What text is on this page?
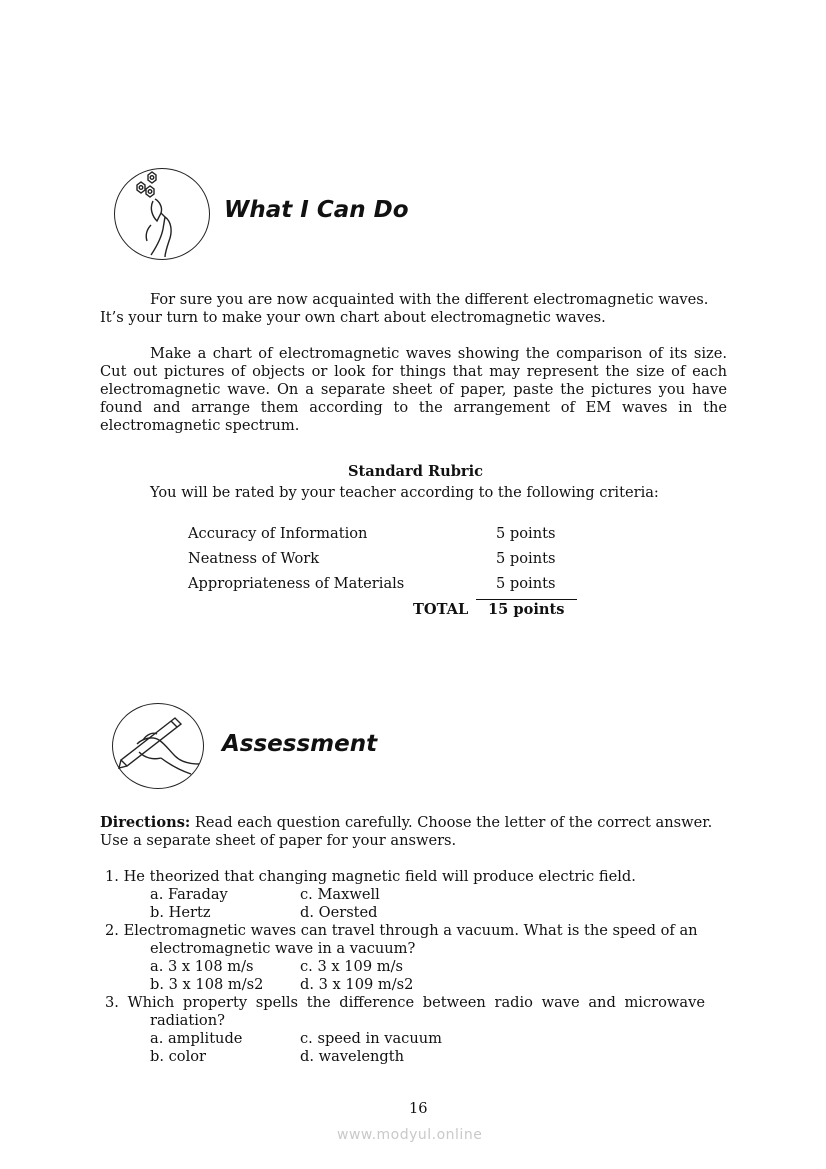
What I Can Do
For sure you are now acquainted with the different electromagnetic waves.
It’s your turn to make your own chart about electromagnetic waves.

Make a chart of electromagnetic waves showing the comparison of its size. Cut out pictures of objects or look for things that may represent the size of each electromagnetic wave. On a separate sheet of paper, paste the pictures you have found and arrange them according to the arrangement of EM waves in the electromagnetic spectrum.

Standard Rubric
You will be rated by your teacher according to the following criteria:
Accuracy of Information	5 points
Neatness of Work	5 points
Appropriateness of Materials	5 points
TOTAL 15 points
Assessment
Directions: Read each question carefully. Choose the letter of the correct answer.
Use a separate sheet of paper for your answers.
1. He theorized that changing magnetic field will produce electric field.
a. Faraday	c. Maxwell
b. Hertz	d. Oersted
2. Electromagnetic waves can travel through a vacuum. What is the speed of an
electromagnetic wave in a vacuum?
a. 3 x 108 m/s	c. 3 x 109 m/s
b. 3 x 108 m/s2	d. 3 x 109 m/s2
3. Which property spells the difference between radio wave and microwave
radiation?
a. amplitude	c. speed in vacuum
b. color	d. wavelength
16
www.modyul.online
